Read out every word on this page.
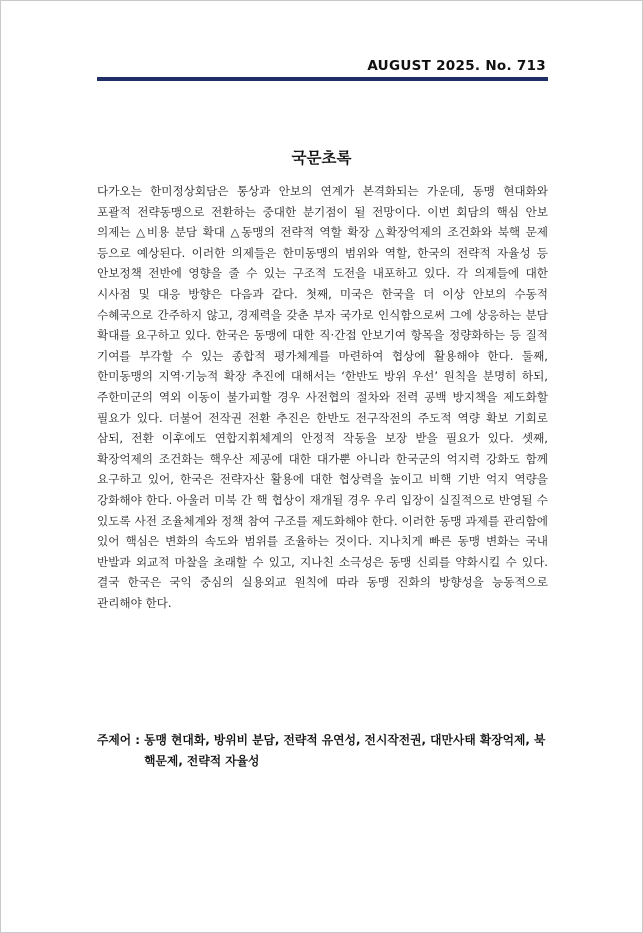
AUGUST 2025. No. 713
국문초록

다가오는 한미정상회담은 통상과 안보의 연계가 본격화되는 가운데, 동맹 현대화와 포괄적 전략동맹으로 전환하는 중대한 분기점이 될 전망이다. 이번 회담의 핵심 안보 의제는 △비용 분담 확대 △동맹의 전략적 역할 확장 △확장억제의 조건화와 북핵 문제 등으로 예상된다. 이러한 의제들은 한미동맹의 범위와 역할, 한국의 전략적 자율성 등 안보정책 전반에 영향을 줄 수 있는 구조적 도전을 내포하고 있다. 각 의제들에 대한 시사점 및 대응 방향은 다음과 같다. 첫째, 미국은 한국을 더 이상 안보의 수동적 수혜국으로 간주하지 않고, 경제력을 갖춘 부자 국가로 인식함으로써 그에 상응하는 분담 확대를 요구하고 있다. 한국은 동맹에 대한 직·간접 안보기여 항목을 정량화하는 등 질적 기여를 부각할 수 있는 종합적 평가체계를 마련하여 협상에 활용해야 한다. 둘째, 한미동맹의 지역·기능적 확장 추진에 대해서는 ‘한반도 방위 우선’ 원칙을 분명히 하되, 주한미군의 역외 이동이 불가피할 경우 사전협의 절차와 전력 공백 방지책을 제도화할 필요가 있다. 더불어 전작권 전환 추진은 한반도 전구작전의 주도적 역량 확보 기회로 삼되, 전환 이후에도 연합지휘체계의 안정적 작동을 보장 받을 필요가 있다. 셋째, 확장억제의 조건화는 핵우산 제공에 대한 대가뿐 아니라 한국군의 억지력 강화도 함께 요구하고 있어, 한국은 전략자산 활용에 대한 협상력을 높이고 비핵 기반 억지 역량을 강화해야 한다. 아울러 미북 간 핵 협상이 재개될 경우 우리 입장이 실질적으로 반영될 수 있도록 사전 조율체계와 정책 참여 구조를 제도화해야 한다. 이러한 동맹 과제를 관리함에 있어 핵심은 변화의 속도와 범위를 조율하는 것이다. 지나치게 빠른 동맹 변화는 국내 반발과 외교적 마찰을 초래할 수 있고, 지나친 소극성은 동맹 신뢰를 약화시킬 수 있다. 결국 한국은 국익 중심의 실용외교 원칙에 따라 동맹 진화의 방향성을 능동적으로 관리해야 한다.

주제어 : 동맹 현대화, 방위비 분담, 전략적 유연성, 전시작전권, 대만사태 확장억제, 북핵문제, 전략적 자율성
